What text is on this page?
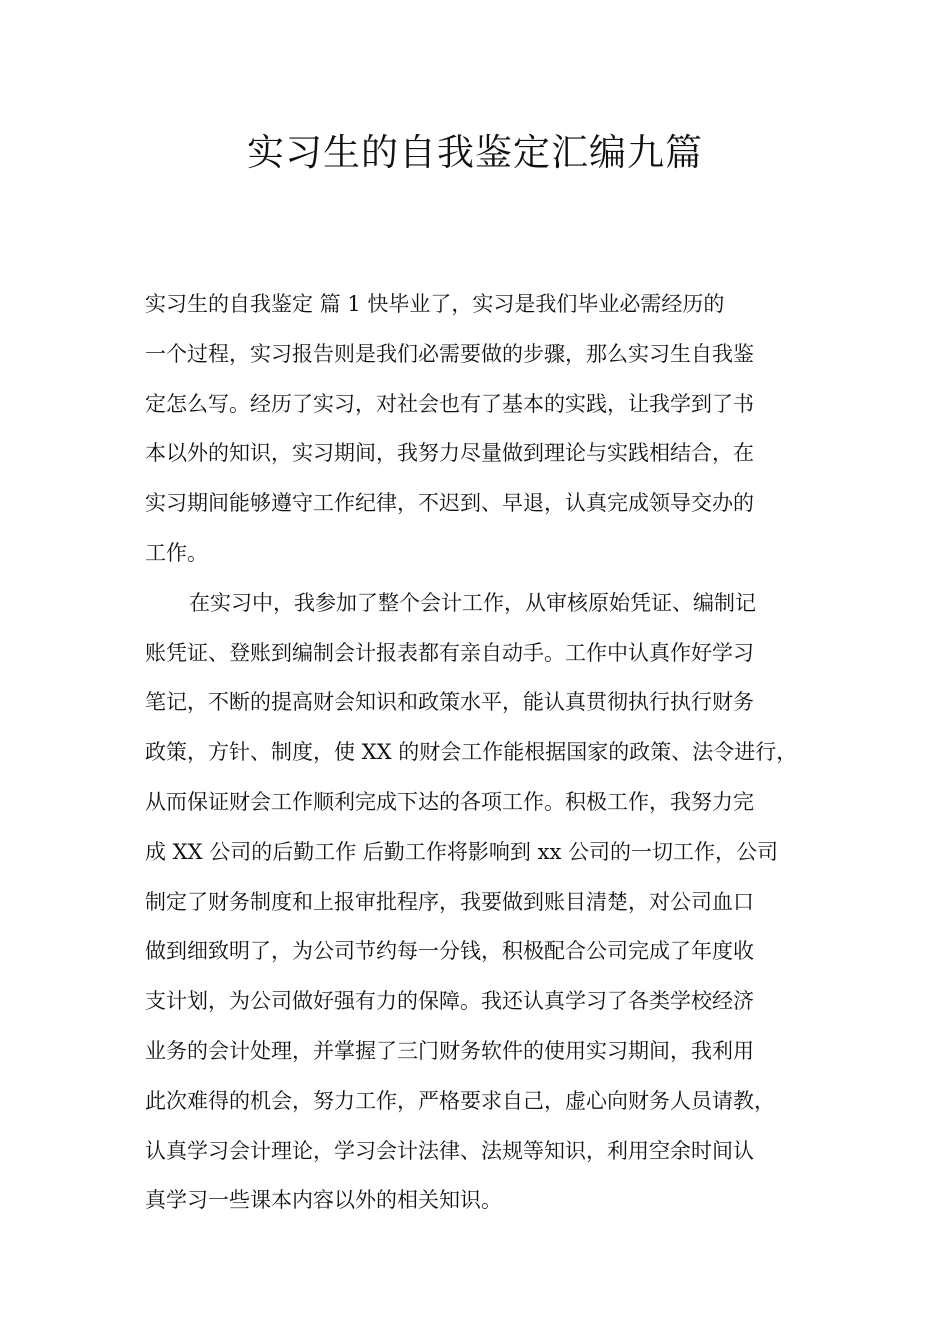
实习生的自我鉴定汇编九篇
实习生的自我鉴定 篇 1 快毕业了，实习是我们毕业必需经历的
一个过程，实习报告则是我们必需要做的步骤，那么实习生自我鉴
定怎么写。经历了实习，对社会也有了基本的实践，让我学到了书
本以外的知识，实习期间，我努力尽量做到理论与实践相结合，在
实习期间能够遵守工作纪律，不迟到、早退，认真完成领导交办的
工作。
在实习中，我参加了整个会计工作，从审核原始凭证、编制记
账凭证、登账到编制会计报表都有亲自动手。工作中认真作好学习
笔记，不断的提高财会知识和政策水平，能认真贯彻执行执行财务
政策，方针、制度，使 XX 的财会工作能根据国家的政策、法令进行，
从而保证财会工作顺利完成下达的各项工作。积极工作，我努力完
成 XX 公司的后勤工作 后勤工作将影响到 xx 公司的一切工作，公司
制定了财务制度和上报审批程序，我要做到账目清楚，对公司血口
做到细致明了，为公司节约每一分钱，积极配合公司完成了年度收
支计划，为公司做好强有力的保障。我还认真学习了各类学校经济
业务的会计处理，并掌握了三门财务软件的使用实习期间，我利用
此次难得的机会，努力工作，严格要求自己，虚心向财务人员请教，
认真学习会计理论，学习会计法律、法规等知识，利用空余时间认
真学习一些课本内容以外的相关知识。
